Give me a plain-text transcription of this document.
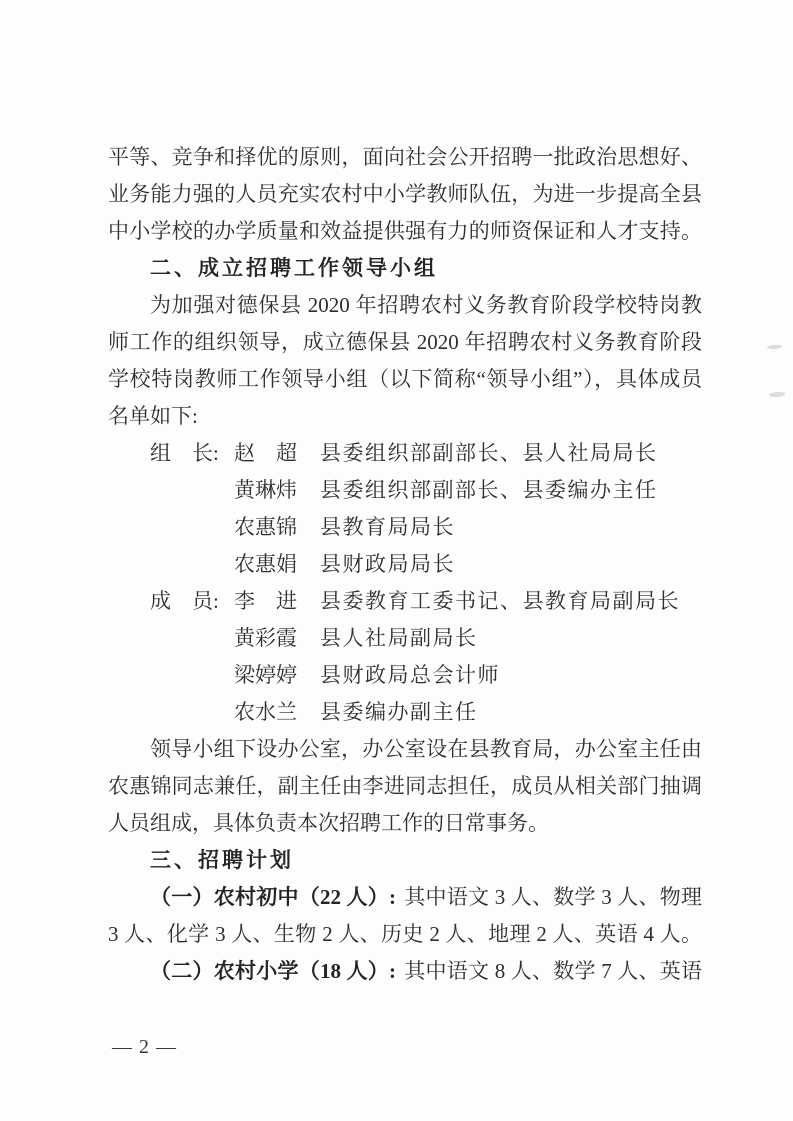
平等、竞争和择优的原则，面向社会公开招聘一批政治思想好、
业务能力强的人员充实农村中小学教师队伍，为进一步提高全县
中小学校的办学质量和效益提供强有力的师资保证和人才支持。
二、成立招聘工作领导小组
为加强对德保县 2020 年招聘农村义务教育阶段学校特岗教
师工作的组织领导，成立德保县 2020 年招聘农村义务教育阶段
学校特岗教师工作领导小组（以下简称“领导小组”），具体成员
名单如下:
组　长: 赵　超	县委组织部副部长、县人社局局长
黄琳炜	县委组织部副部长、县委编办主任
农惠锦	县教育局局长
农惠娟	县财政局局长
成　员: 李　进	县委教育工委书记、县教育局副局长
黄彩霞	县人社局副局长
梁婷婷	县财政局总会计师
农水兰	县委编办副主任
领导小组下设办公室，办公室设在县教育局，办公室主任由
农惠锦同志兼任，副主任由李进同志担任，成员从相关部门抽调
人员组成，具体负责本次招聘工作的日常事务。
三、招聘计划
（一）农村初中（22 人）: 其中语文 3 人、数学 3 人、物理
3 人、化学 3 人、生物 2 人、历史 2 人、地理 2 人、英语 4 人。
（二）农村小学（18 人）: 其中语文 8 人、数学 7 人、英语
— 2 —
